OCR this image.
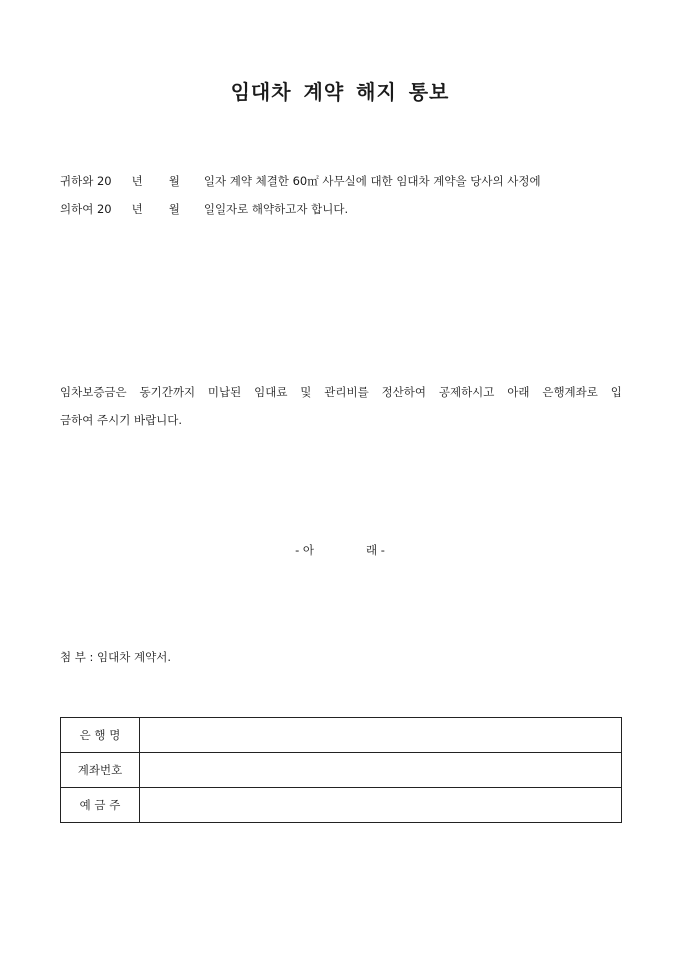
임대차 계약 해지 통보
귀하와 20 년 월 일자 계약 체결한 60㎡ 사무실에 대한 임대차 계약을 당사의 사정에
의하여 20 년 월 일일자로 해약하고자 합니다.
임차보증금은 동기간까지 미납된 임대료 및 관리비를 정산하여 공제하시고 아래 은행계좌로 입
금하여 주시기 바랍니다.
- 아	래 -
첨 부 : 임대차 계약서.
은 행 명	
계좌번호	
예 금 주	
